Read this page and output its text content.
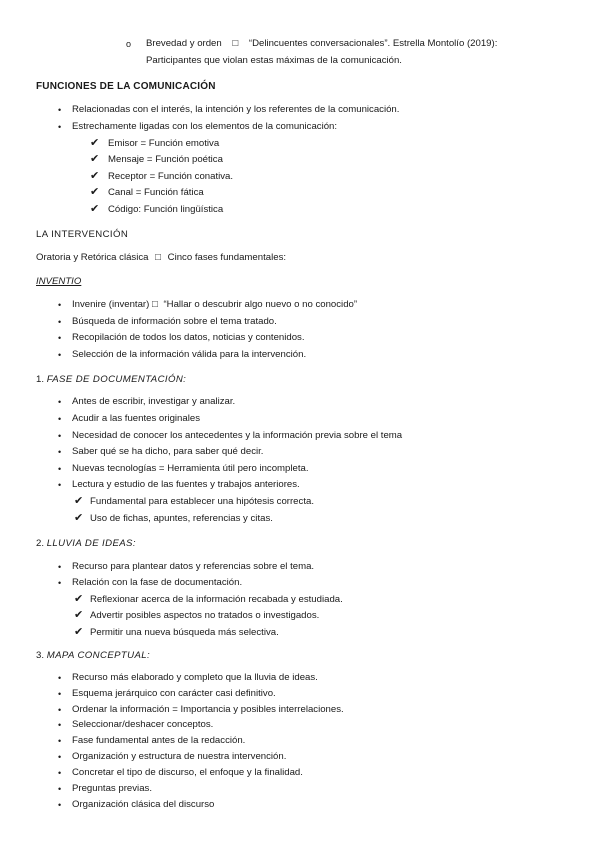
o Brevedad y orden □ “Delincuentes conversacionales”. Estrella Montolío (2019):
Participantes que violan estas máximas de la comunicación.
FUNCIONES DE LA COMUNICACIÓN
• Relacionadas con el interés, la intención y los referentes de la comunicación.
• Estrechamente ligadas con los elementos de la comunicación:
✔ Emisor = Función emotiva
✔ Mensaje = Función poética
✔ Receptor = Función conativa.
✔ Canal = Función fática
✔ Código: Función lingüística
LA INTERVENCIÓN
Oratoria y Retórica clásica □ Cinco fases fundamentales:
INVENTIO
• Invenire (inventar) □ “Hallar o descubrir algo nuevo o no conocido”
• Búsqueda de información sobre el tema tratado.
• Recopilación de todos los datos, noticias y contenidos.
• Selección de la información válida para la intervención.
1. FASE DE DOCUMENTACIÓN:
• Antes de escribir, investigar y analizar.
• Acudir a las fuentes originales
• Necesidad de conocer los antecedentes y la información previa sobre el tema
• Saber qué se ha dicho, para saber qué decir.
• Nuevas tecnologías = Herramienta útil pero incompleta.
• Lectura y estudio de las fuentes y trabajos anteriores.
✔ Fundamental para establecer una hipótesis correcta.
✔ Uso de fichas, apuntes, referencias y citas.
2. LLUVIA DE IDEAS:
• Recurso para plantear datos y referencias sobre el tema.
• Relación con la fase de documentación.
✔ Reflexionar acerca de la información recabada y estudiada.
✔ Advertir posibles aspectos no tratados o investigados.
✔ Permitir una nueva búsqueda más selectiva.
3. MAPA CONCEPTUAL:
• Recurso más elaborado y completo que la lluvia de ideas.
• Esquema jerárquico con carácter casi definitivo.
• Ordenar la información = Importancia y posibles interrelaciones.
• Seleccionar/deshacer conceptos.
• Fase fundamental antes de la redacción.
• Organización y estructura de nuestra intervención.
• Concretar el tipo de discurso, el enfoque y la finalidad.
• Preguntas previas.
• Organización clásica del discurso
